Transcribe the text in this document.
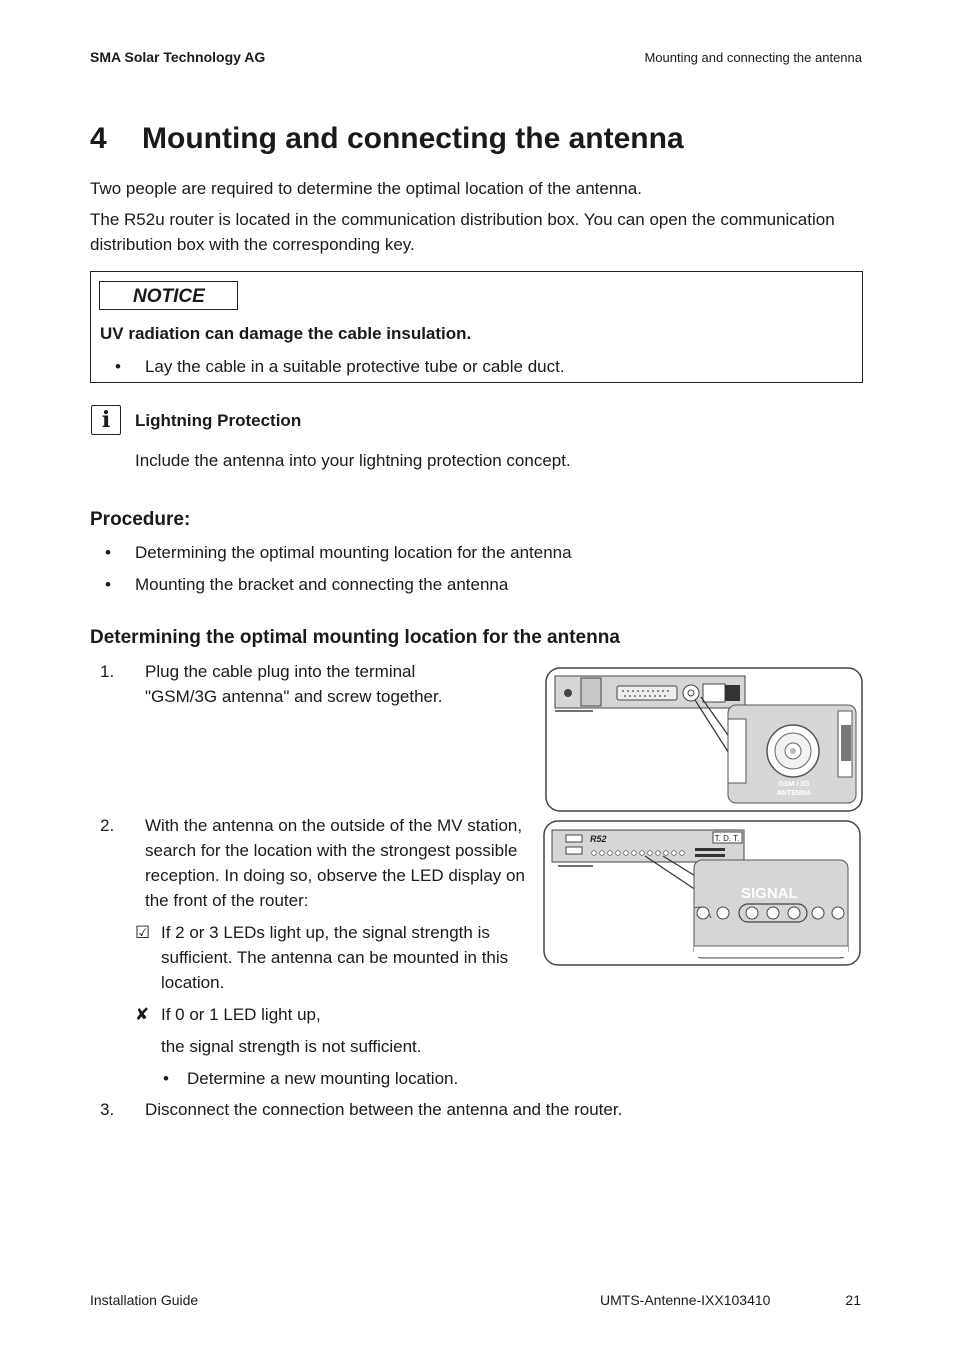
SMA Solar Technology AG	Mounting and connecting the antenna
4 Mounting and connecting the antenna
Two people are required to determine the optimal location of the antenna.
The R52u router is located in the communication distribution box. You can open the communication
distribution box with the corresponding key.
NOTICE
UV radiation can damage the cable insulation.
• Lay the cable in a suitable protective tube or cable duct.
i	Lightning Protection
Include the antenna into your lightning protection concept.
Procedure:
• Determining the optimal mounting location for the antenna
• Mounting the bracket and connecting the antenna
Determining the optimal mounting location for the antenna
1. Plug the cable plug into the terminal
"GSM/3G antenna" and screw together.
2. With the antenna on the outside of the MV station,
search for the location with the strongest possible
reception. In doing so, observe the LED display on
the front of the router:
☑ If 2 or 3 LEDs light up, the signal strength is
sufficient. The antenna can be mounted in this
location.
✘ If 0 or 1 LED light up,
the signal strength is not sufficient.
• Determine a new mounting location.
3. Disconnect the connection between the antenna and the router.
GSM / 3G
ANTENNA
R52	T. D. T.
SIGNAL
Installation Guide	UMTS-Antenne-IXX103410	21
